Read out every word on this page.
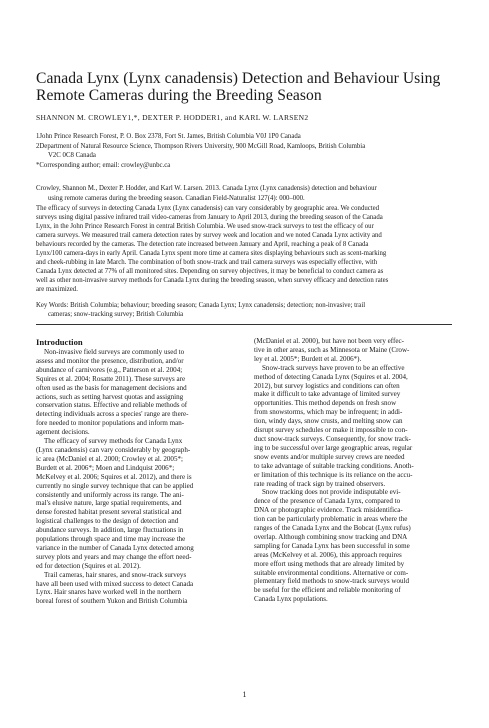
Canada Lynx (Lynx canadensis) Detection and Behaviour Using
Remote Cameras during the Breeding Season
SHANNON M. CROWLEY1,*, DEXTER P. HODDER1, and KARL W. LARSEN2
1John Prince Research Forest, P. O. Box 2378, Fort St. James, British Columbia V0J 1P0 Canada
2Department of Natural Resource Science, Thompson Rivers University, 900 McGill Road, Kamloops, British Columbia
V2C 0C8 Canada
*Corresponding author; email: crowley@unbc.ca
Crowley, Shannon M., Dexter P. Hodder, and Karl W. Larsen. 2013. Canada Lynx (Lynx canadensis) detection and behaviour
using remote cameras during the breeding season. Canadian Field-Naturalist 127(4): 000–000.
The efficacy of surveys in detecting Canada Lynx (Lynx canadensis) can vary considerably by geographic area. We conducted
surveys using digital passive infrared trail video-cameras from January to April 2013, during the breeding season of the Canada
Lynx, in the John Prince Research Forest in central British Columbia. We used snow-track surveys to test the efficacy of our
camera surveys. We measured trail camera detection rates by survey week and location and we noted Canada Lynx activity and
behaviours recorded by the cameras. The detection rate increased between January and April, reaching a peak of 8 Canada
Lynx/100 camera-days in early April. Canada Lynx spent more time at camera sites displaying behaviours such as scent-marking
and cheek-rubbing in late March. The combination of both snow-track and trail camera surveys was especially effective, with
Canada Lynx detected at 77% of all monitored sites. Depending on survey objectives, it may be beneficial to conduct camera as
well as other non-invasive survey methods for Canada Lynx during the breeding season, when survey efficacy and detection rates
are maximized.
Key Words: British Columbia; behaviour; breeding season; Canada Lynx; Lynx canadensis; detection; non-invasive; trail
cameras; snow-tracking survey; British Columbia
Introduction
Non-invasive field surveys are commonly used to
assess and monitor the presence, distribution, and/or
abundance of carnivores (e.g., Patterson et al. 2004;
Squires et al. 2004; Rosatte 2011). These surveys are
often used as the basis for management decisions and
actions, such as setting harvest quotas and assigning
conservation status. Effective and reliable methods of
detecting individuals across a species' range are there-
fore needed to monitor populations and inform man-
agement decisions.
The efficacy of survey methods for Canada Lynx
(Lynx canadensis) can vary considerably by geograph-
ic area (McDaniel et al. 2000; Crowley et al. 2005*;
Burdett et al. 2006*; Moen and Lindquist 2006*;
McKelvey et al. 2006; Squires et al. 2012), and there is
currently no single survey technique that can be applied
consistently and uniformly across its range. The ani-
mal's elusive nature, large spatial requirements, and
dense forested habitat present several statistical and
logistical challenges to the design of detection and
abundance surveys. In addition, large fluctuations in
populations through space and time may increase the
variance in the number of Canada Lynx detected among
survey plots and years and may change the effort need-
ed for detection (Squires et al. 2012).
Trail cameras, hair snares, and snow-track surveys
have all been used with mixed success to detect Canada
Lynx. Hair snares have worked well in the northern
boreal forest of southern Yukon and British Columbia
(McDaniel et al. 2000), but have not been very effec-
tive in other areas, such as Minnesota or Maine (Crow-
ley et al. 2005*; Burdett et al. 2006*).
Snow-track surveys have proven to be an effective
method of detecting Canada Lynx (Squires et al. 2004,
2012), but survey logistics and conditions can often
make it difficult to take advantage of limited survey
opportunities. This method depends on fresh snow
from snowstorms, which may be infrequent; in addi-
tion, windy days, snow crusts, and melting snow can
disrupt survey schedules or make it impossible to con-
duct snow-track surveys. Consequently, for snow track-
ing to be successful over large geographic areas, regular
snow events and/or multiple survey crews are needed
to take advantage of suitable tracking conditions. Anoth-
er limitation of this technique is its reliance on the accu-
rate reading of track sign by trained observers.
Snow tracking does not provide indisputable evi-
dence of the presence of Canada Lynx, compared to
DNA or photographic evidence. Track misidentifica-
tion can be particularly problematic in areas where the
ranges of the Canada Lynx and the Bobcat (Lynx rufus)
overlap. Although combining snow tracking and DNA
sampling for Canada Lynx has been successful in some
areas (McKelvey et al. 2006), this approach requires
more effort using methods that are already limited by
suitable environmental conditions. Alternative or com-
plementary field methods to snow-track surveys would
be useful for the efficient and reliable monitoring of
Canada Lynx populations.
1
